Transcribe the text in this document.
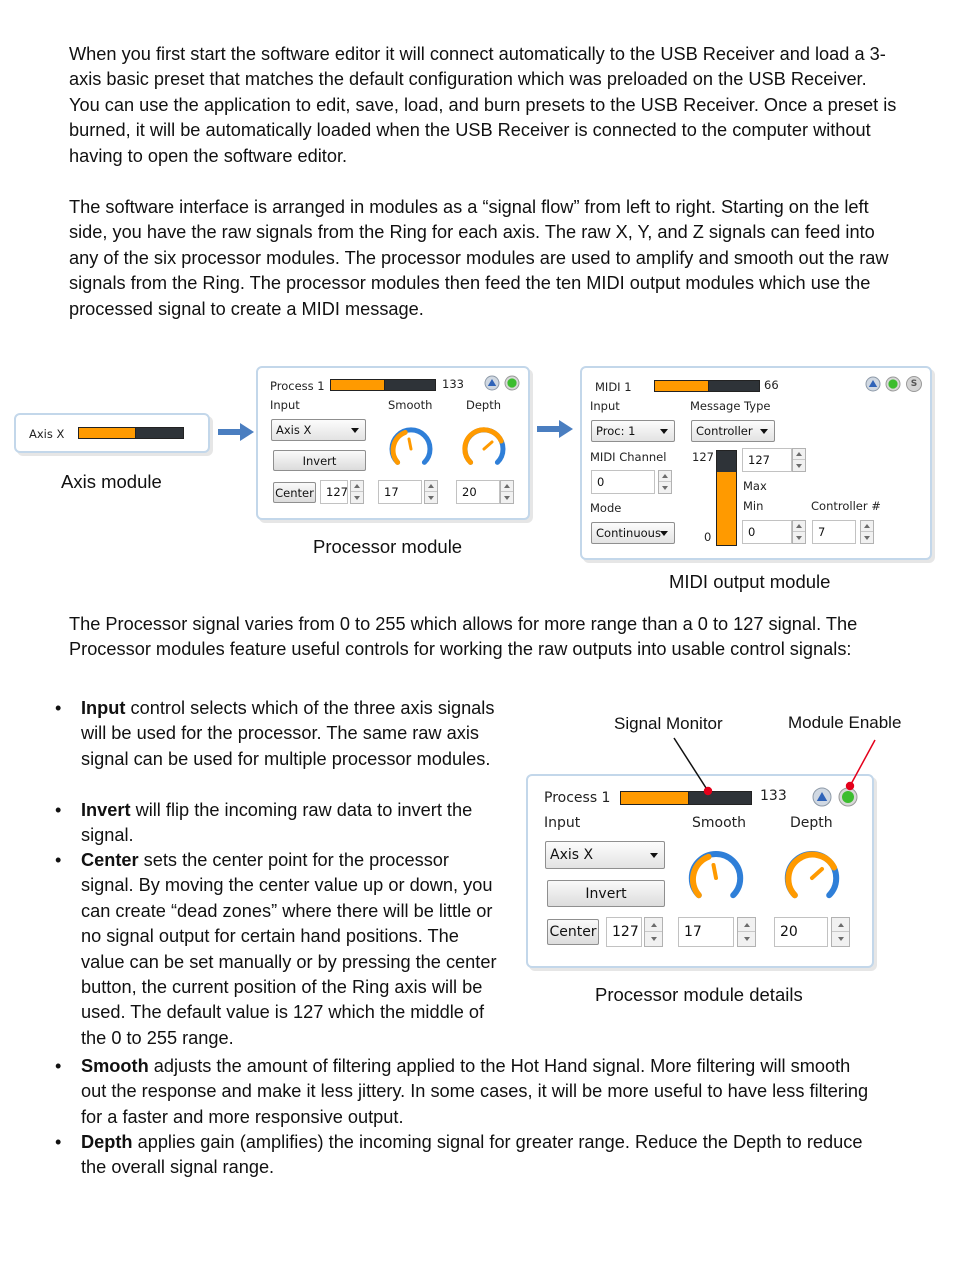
When you first start the software editor it will connect automatically to the USB Receiver and load a 3-axis basic preset that matches the default configuration which was preloaded on the USB Receiver. You can use the application to edit, save, load, and burn presets to the USB Receiver. Once a preset is burned, it will be automatically loaded when the USB Receiver is connected to the computer without having to open the software editor.

The software interface is arranged in modules as a “signal flow” from left to right. Starting on the left side, you have the raw signals from the Ring for each axis. The raw X, Y, and Z signals can feed into any of the six processor modules. The processor modules are used to amplify and smooth out the raw signals from the Ring. The processor modules then feed the ten MIDI output modules which use the processed signal to create a MIDI message.

Axis X
Axis module
Process 1	133
Input	Smooth	Depth
Axis X
Invert
Center 127	17	20
Processor module
MIDI 1	66	S
Input	Message Type
Proc: 1	Controller
MIDI Channel
0
Mode
Continuous
127
0
127
Max
Min	Controller #
0	7
MIDI output module

The Processor signal varies from 0 to 255 which allows for more range than a 0 to 127 signal. The Processor modules feature useful controls for working the raw outputs into usable control signals:

• Input control selects which of the three axis signals will be used for the processor. The same raw axis signal can be used for multiple processor modules.
• Invert will flip the incoming raw data to invert the signal.
• Center sets the center point for the processor signal. By moving the center value up or down, you can create “dead zones” where there will be little or no signal output for certain hand positions. The value can be set manually or by pressing the center button, the current position of the Ring axis will be used. The default value is 127 which the middle of the 0 to 255 range.
• Smooth adjusts the amount of filtering applied to the Hot Hand signal. More filtering will smooth out the response and make it less jittery. In some cases, it will be more useful to have less filtering for a faster and more responsive output.
• Depth applies gain (amplifies) the incoming signal for greater range. Reduce the Depth to reduce the overall signal range.
Signal Monitor	Module Enable
Process 1	133
Input	Smooth	Depth
Axis X
Invert
Center 127	17	20
Processor module details
